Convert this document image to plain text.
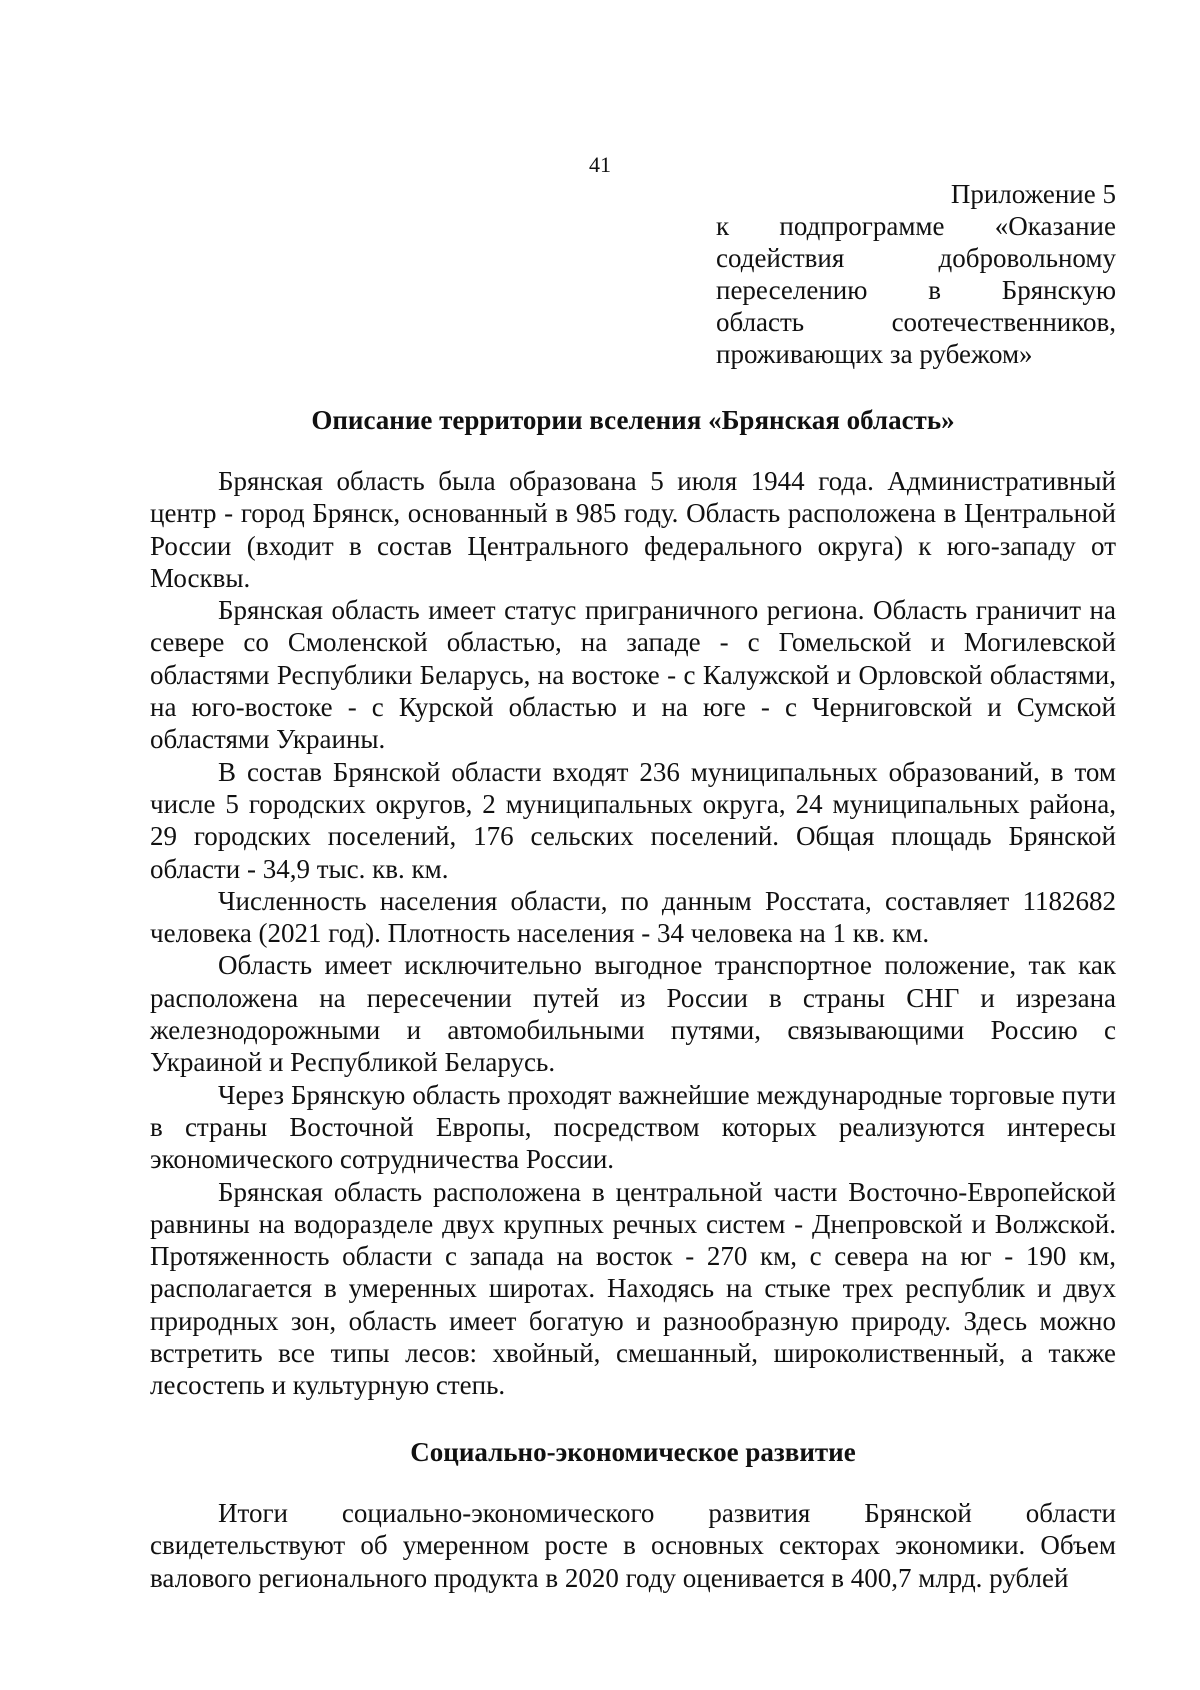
41
Приложение 5
к подпрограмме «Оказание
содействия добровольному
переселению в Брянскую
область соотечественников,
проживающих за рубежом»
Описание территории вселения «Брянская область»

Брянская область была образована 5 июля 1944 года. Административный центр - город Брянск, основанный в 985 году. Область расположена в Центральной России (входит в состав Центрального федерального округа) к юго-западу от Москвы.

Брянская область имеет статус приграничного региона. Область граничит на севере со Смоленской областью, на западе - с Гомельской и Могилевской областями Республики Беларусь, на востоке - с Калужской и Орловской областями, на юго-востоке - с Курской областью и на юге - с Черниговской и Сумской областями Украины.

В состав Брянской области входят 236 муниципальных образований, в том числе 5 городских округов, 2 муниципальных округа, 24 муниципальных района, 29 городских поселений, 176 сельских поселений. Общая площадь Брянской области - 34,9 тыс. кв. км.

Численность населения области, по данным Росстата, составляет 1182682 человека (2021 год). Плотность населения - 34 человека на 1 кв. км.

Область имеет исключительно выгодное транспортное положение, так как расположена на пересечении путей из России в страны СНГ и изрезана железнодорожными и автомобильными путями, связывающими Россию с Украиной и Республикой Беларусь.

Через Брянскую область проходят важнейшие международные торговые пути в страны Восточной Европы, посредством которых реализуются интересы экономического сотрудничества России.

Брянская область расположена в центральной части Восточно-Европейской равнины на водоразделе двух крупных речных систем - Днепровской и Волжской. Протяженность области с запада на восток - 270 км, с севера на юг - 190 км, располагается в умеренных широтах. Находясь на стыке трех республик и двух природных зон, область имеет богатую и разнообразную природу. Здесь можно встретить все типы лесов: хвойный, смешанный, широколиственный, а также лесостепь и культурную степь.

Социально-экономическое развитие

Итоги социально-экономического развития Брянской области свидетельствуют об умеренном росте в основных секторах экономики. Объем валового регионального продукта в 2020 году оценивается в 400,7 млрд. рублей
